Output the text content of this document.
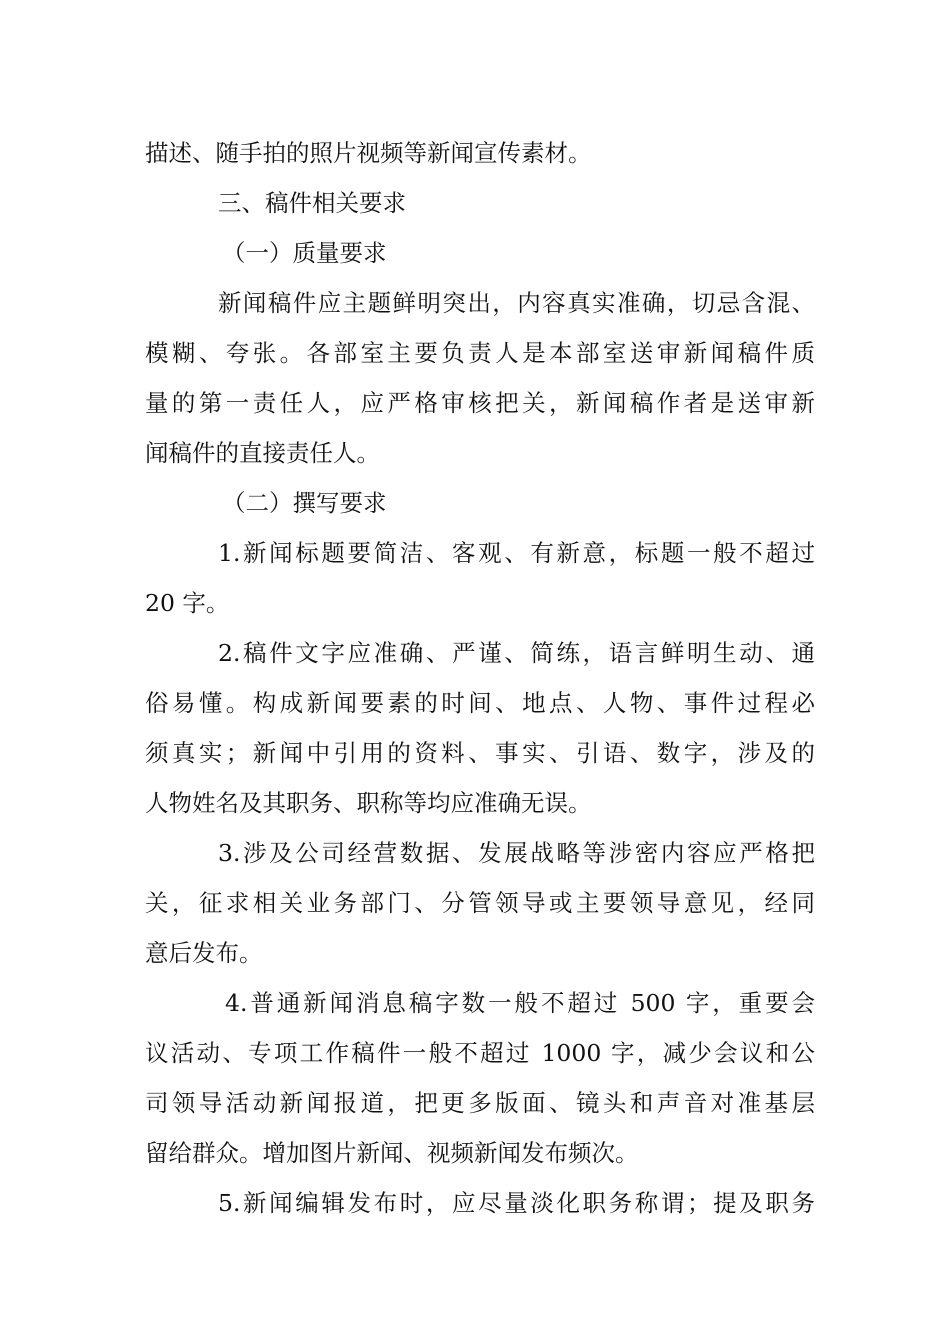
描述、随手拍的照片视频等新闻宣传素材。
三、稿件相关要求
（一）质量要求
新闻稿件应主题鲜明突出，内容真实准确，切忌含混、
模糊、夸张。各部室主要负责人是本部室送审新闻稿件质
量的第一责任人，应严格审核把关，新闻稿作者是送审新
闻稿件的直接责任人。
（二）撰写要求
1.新闻标题要简洁、客观、有新意，标题一般不超过
20 字。
2.稿件文字应准确、严谨、简练，语言鲜明生动、通
俗易懂。构成新闻要素的时间、地点、人物、事件过程必
须真实；新闻中引用的资料、事实、引语、数字，涉及的
人物姓名及其职务、职称等均应准确无误。
3.涉及公司经营数据、发展战略等涉密内容应严格把
关，征求相关业务部门、分管领导或主要领导意见，经同
意后发布。
4.普通新闻消息稿字数一般不超过 500 字，重要会
议活动、专项工作稿件一般不超过 1000 字，减少会议和公
司领导活动新闻报道，把更多版面、镜头和声音对准基层
留给群众。增加图片新闻、视频新闻发布频次。
5.新闻编辑发布时，应尽量淡化职务称谓；提及职务
